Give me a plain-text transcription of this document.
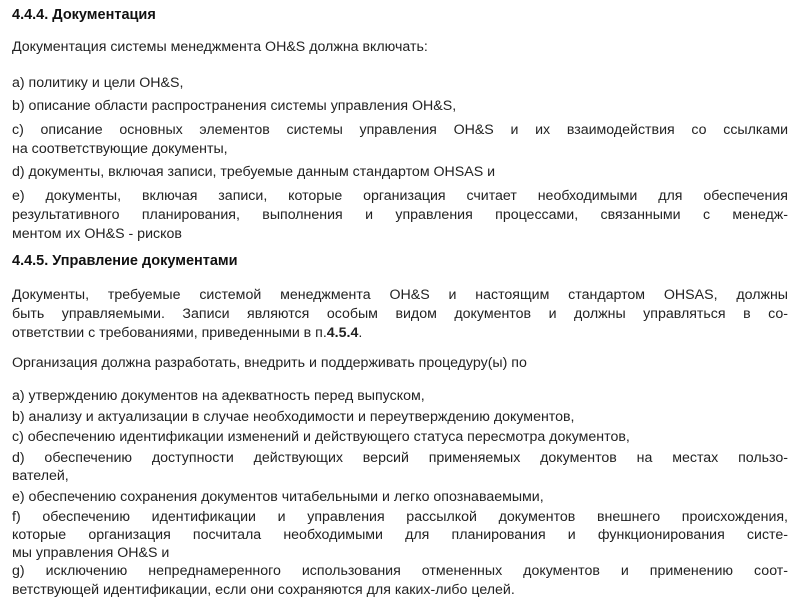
4.4.4. Документация
Документация системы менеджмента OH&S должна включать:
а) политику и цели OH&S,
b) описание области распространения системы управления OH&S,
с) описание основных элементов системы управления OH&S и их взаимодействия со ссылками
на соответствующие документы,
d) документы, включая записи, требуемые данным стандартом OHSAS и
е) документы, включая записи, которые организация считает необходимыми для обеспечения
результативного планирования, выполнения и управления процессами, связанными с менедж-
ментом их OH&S - рисков
4.4.5. Управление документами
Документы, требуемые системой менеджмента OH&S и настоящим стандартом OHSAS, должны
быть управляемыми. Записи являются особым видом документов и должны управляться в со-
ответствии с требованиями, приведенными в п.4.5.4.
Организация должна разработать, внедрить и поддерживать процедуру(ы) по
а) утверждению документов на адекватность перед выпуском,
b) анализу и актуализации в случае необходимости и переутверждению документов,
с) обеспечению идентификации изменений и действующего статуса пересмотра документов,
d) обеспечению доступности действующих версий применяемых документов на местах пользо-
вателей,
е) обеспечению сохранения документов читабельными и легко опознаваемыми,
f) обеспечению идентификации и управления рассылкой документов внешнего происхождения,
которые организация посчитала необходимыми для планирования и функционирования систе-
мы управления OH&S и
g) исключению непреднамеренного использования отмененных документов и применению соот-
ветствующей идентификации, если они сохраняются для каких-либо целей.
